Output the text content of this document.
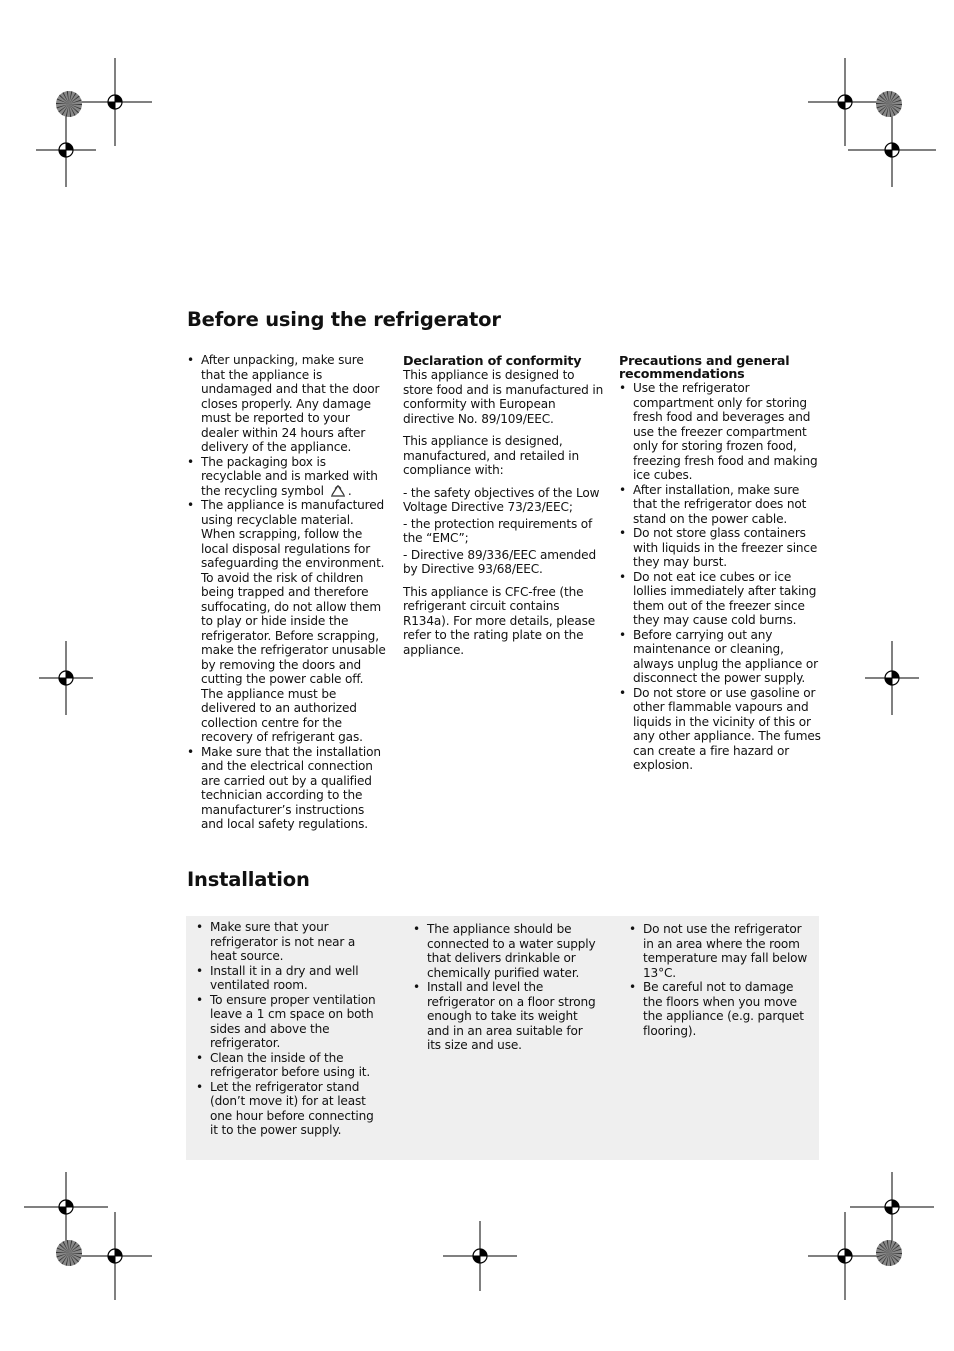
Before using the refrigerator
• After unpacking, make sure that the appliance is undamaged and that the door closes properly. Any damage must be reported to your dealer within 24 hours after delivery of the appliance.
• The packaging box is recyclable and is marked with the recycling symbol .
• The appliance is manufactured using recyclable material. When scrapping, follow the local disposal regulations for safeguarding the environment. To avoid the risk of children being trapped and therefore suffocating, do not allow them to play or hide inside the refrigerator. Before scrapping, make the refrigerator unusable by removing the doors and cutting the power cable off. The appliance must be delivered to an authorized collection centre for the recovery of refrigerant gas.
• Make sure that the installation and the electrical connection are carried out by a qualified technician according to the manufacturer’s instructions and local safety regulations.
Declaration of conformity

This appliance is designed to store food and is manufactured in conformity with European directive No. 89/109/EEC.

This appliance is designed, manufactured, and retailed in compliance with:

- the safety objectives of the Low Voltage Directive 73/23/EEC;

- the protection requirements of the “EMC”;

- Directive 89/336/EEC amended by Directive 93/68/EEC.

This appliance is CFC-free (the refrigerant circuit contains R134a). For more details, please refer to the rating plate on the appliance.

Precautions and general recommendations
• Use the refrigerator compartment only for storing fresh food and beverages and use the freezer compartment only for storing frozen food, freezing fresh food and making ice cubes.
• After installation, make sure that the refrigerator does not stand on the power cable.
• Do not store glass containers with liquids in the freezer since they may burst.
• Do not eat ice cubes or ice lollies immediately after taking them out of the freezer since they may cause cold burns.
• Before carrying out any maintenance or cleaning, always unplug the appliance or disconnect the power supply.
• Do not store or use gasoline or other flammable vapours and liquids in the vicinity of this or any other appliance. The fumes can create a fire hazard or explosion.
Installation
• Make sure that your refrigerator is not near a heat source.
• Install it in a dry and well ventilated room.
• To ensure proper ventilation leave a 1 cm space on both sides and above the refrigerator.
• Clean the inside of the refrigerator before using it.
• Let the refrigerator stand (don’t move it) for at least one hour before connecting it to the power supply.
• The appliance should be connected to a water supply that delivers drinkable or chemically purified water.
• Install and level the refrigerator on a floor strong enough to take its weight and in an area suitable for its size and use.
• Do not use the refrigerator in an area where the room temperature may fall below 13°C.
• Be careful not to damage the floors when you move the appliance (e.g. parquet flooring).
